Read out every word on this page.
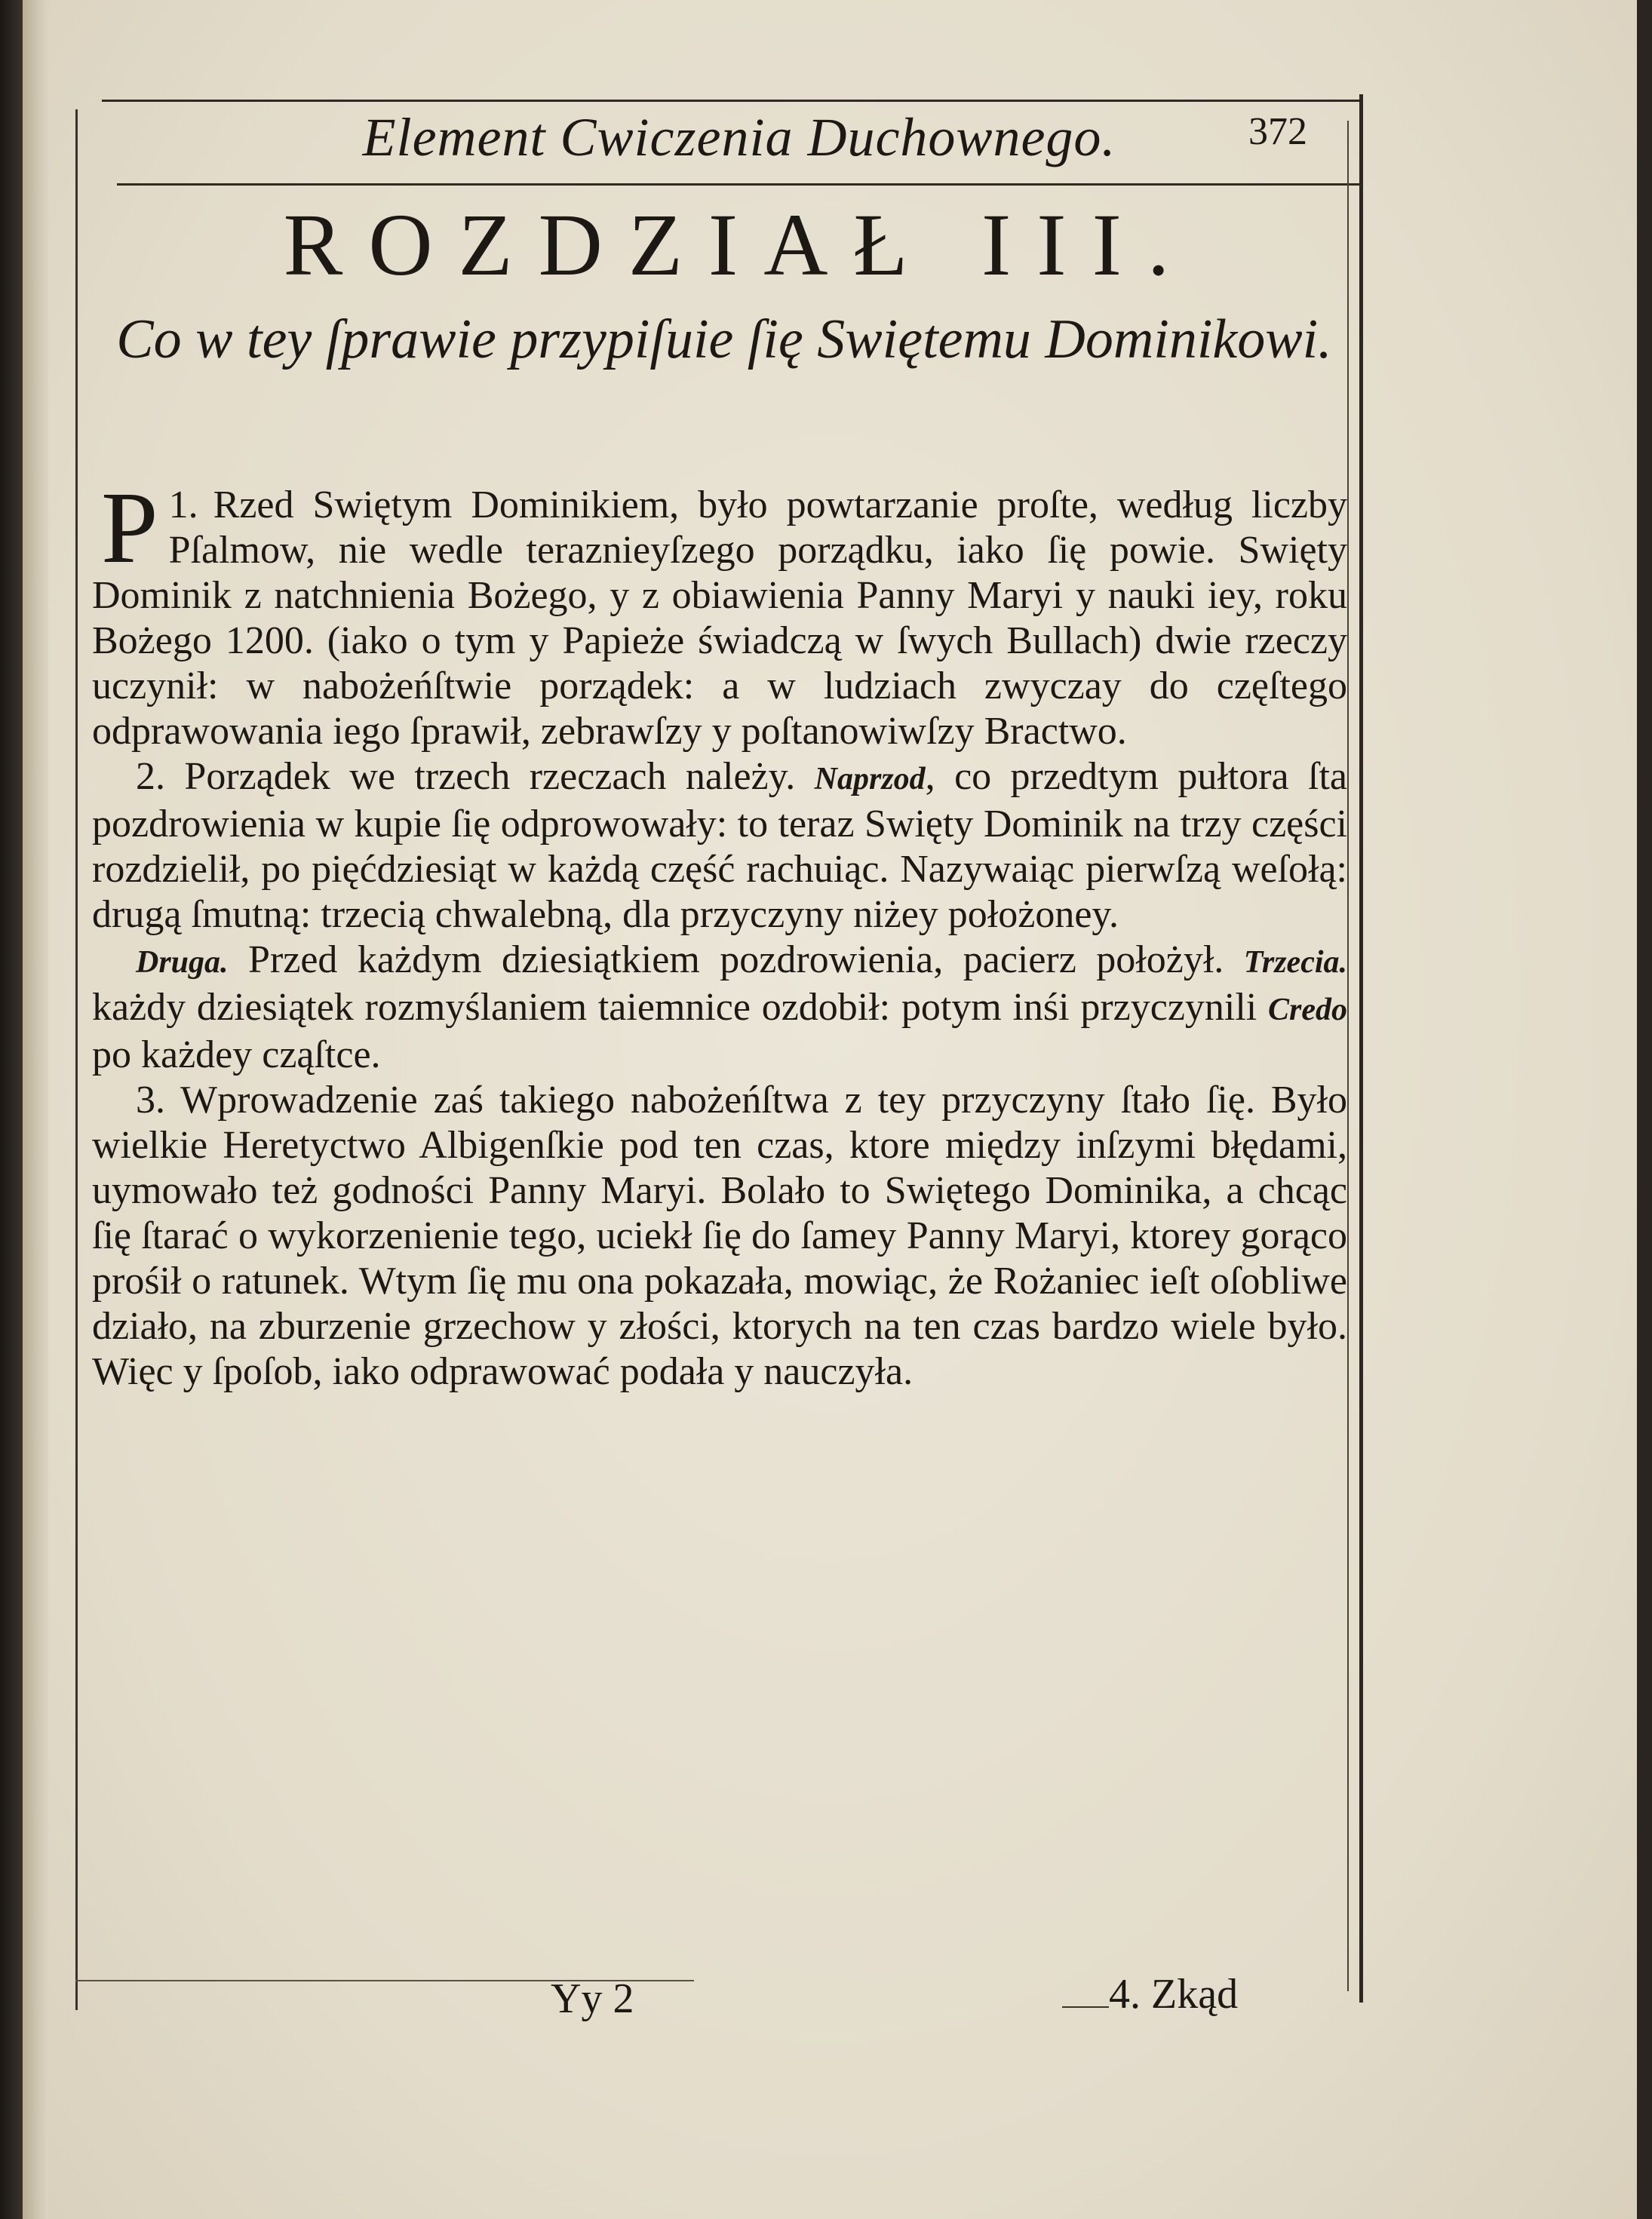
Element Cwiczenia Duchownego.	372
ROZDZIAŁ III.
Co w tey ſprawie przypiſuie ſię Swiętemu Dominikowi.

1.
P Rzed Swiętym Dominikiem, było powtarzanie proſte, według liczby Pſalmow, nie wedle teraznieyſzego porządku, iako ſię powie. Swięty Dominik z natchnienia Bożego, y z obiawienia Panny Maryi y nauki iey, roku Bożego 1200. (iako o tym y Papieże świadczą w ſwych Bullach) dwie rzeczy uczynił: w nabożeńſtwie porządek: a w ludziach zwyczay do częſtego odprawowania iego ſprawił, zebrawſzy y poſtanowiwſzy Bractwo.

2. Porządek we trzech rzeczach należy. Naprzod, co przedtym pułtora ſta pozdrowienia w kupie ſię odprowowały: to teraz Swięty Dominik na trzy części rozdzielił, po pięćdziesiąt w każdą część rachuiąc. Nazywaiąc pierwſzą weſołą: drugą ſmutną: trzecią chwalebną, dla przyczyny niżey położoney.

Druga. Przed każdym dziesiątkiem pozdrowienia, pacierz położył. Trzecia. każdy dziesiątek rozmyślaniem taiemnice ozdobił: potym inśi przyczynili Credo po każdey cząſtce.

3. Wprowadzenie zaś takiego nabożeńſtwa z tey przyczyny ſtało ſię. Było wielkie Heretyctwo Albigenſkie pod ten czas, ktore między inſzymi błędami, uymowało też godności Panny Maryi. Bolało to Swiętego Dominika, a chcąc ſię ſtarać o wykorzenienie tego, uciekł ſię do ſamey Panny Maryi, ktorey gorąco prośił o ratunek. Wtym ſię mu ona pokazała, mowiąc, że Rożaniec ieſt oſobliwe działo, na zburzenie grzechow y złości, ktorych na ten czas bardzo wiele było. Więc y ſpoſob, iako odprawować podała y nauczyła.

Yy 2	4. Zkąd
